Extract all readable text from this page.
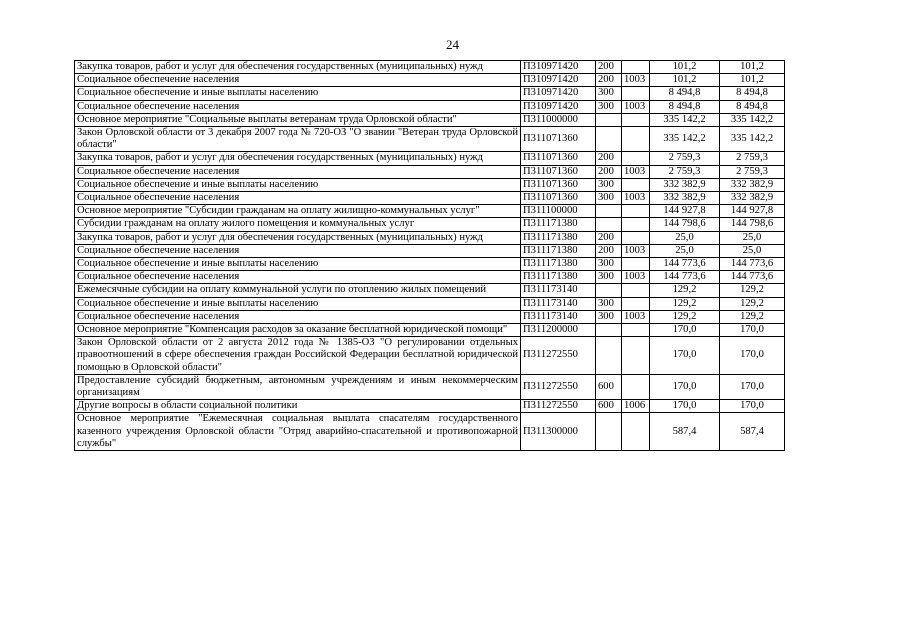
24
Закупка товаров, работ и услуг для обеспечения государственных (муниципальных) нужд	П310971420	200		101,2	101,2
Социальное обеспечение населения	П310971420	200	1003	101,2	101,2
Социальное обеспечение и иные выплаты населению	П310971420	300		8 494,8	8 494,8
Социальное обеспечение населения	П310971420	300	1003	8 494,8	8 494,8
Основное мероприятие "Социальные выплаты ветеранам труда Орловской области"	П311000000			335 142,2	335 142,2
Закон Орловской области от 3 декабря 2007 года № 720-ОЗ "О звании "Ветеран труда Орловской области"	П311071360			335 142,2	335 142,2
Закупка товаров, работ и услуг для обеспечения государственных (муниципальных) нужд	П311071360	200		2 759,3	2 759,3
Социальное обеспечение населения	П311071360	200	1003	2 759,3	2 759,3
Социальное обеспечение и иные выплаты населению	П311071360	300		332 382,9	332 382,9
Социальное обеспечение населения	П311071360	300	1003	332 382,9	332 382,9
Основное мероприятие "Субсидии гражданам на оплату жилищно-коммунальных услуг"	П311100000			144 927,8	144 927,8
Субсидии гражданам на оплату жилого помещения и коммунальных услуг	П311171380			144 798,6	144 798,6
Закупка товаров, работ и услуг для обеспечения государственных (муниципальных) нужд	П311171380	200		25,0	25,0
Социальное обеспечение населения	П311171380	200	1003	25,0	25,0
Социальное обеспечение и иные выплаты населению	П311171380	300		144 773,6	144 773,6
Социальное обеспечение населения	П311171380	300	1003	144 773,6	144 773,6
Ежемесячные субсидии на оплату коммунальной услуги по отоплению жилых помещений	П311173140			129,2	129,2
Социальное обеспечение и иные выплаты населению	П311173140	300		129,2	129,2
Социальное обеспечение населения	П311173140	300	1003	129,2	129,2
Основное мероприятие "Компенсация расходов за оказание бесплатной юридической помощи"	П311200000			170,0	170,0
Закон Орловской области от 2 августа 2012 года № 1385-ОЗ "О регулировании отдельных правоотношений в сфере обеспечения граждан Российской Федерации бесплатной юридической помощью в Орловской области"	П311272550			170,0	170,0
Предоставление субсидий бюджетным, автономным учреждениям и иным некоммерческим организациям	П311272550	600		170,0	170,0
Другие вопросы в области социальной политики	П311272550	600	1006	170,0	170,0
Основное мероприятие "Ежемесячная социальная выплата спасателям государственного казенного учреждения Орловской области "Отряд аварийно-спасательной и противопожарной службы"	П311300000			587,4	587,4
